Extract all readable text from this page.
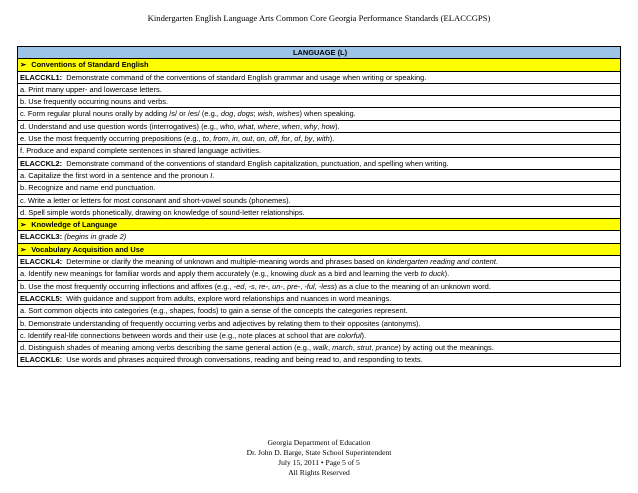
Kindergarten English Language Arts Common Core Georgia Performance Standards (ELACCGPS)
LANGUAGE (L)
➢ Conventions of Standard English
ELACCKL1:  Demonstrate command of the conventions of standard English grammar and usage when writing or speaking.
a. Print many upper- and lowercase letters.
b. Use frequently occurring nouns and verbs.
c. Form regular plural nouns orally by adding /s/ or /es/ (e.g., dog, dogs; wish, wishes) when speaking.
d. Understand and use question words (interrogatives) (e.g., who, what, where, when, why, how).
e. Use the most frequently occurring prepositions (e.g., to, from, in, out, on, off, for, of, by, with).
f. Produce and expand complete sentences in shared language activities.
ELACCKL2:  Demonstrate command of the conventions of standard English capitalization, punctuation, and spelling when writing.
a. Capitalize the first word in a sentence and the pronoun I.
b. Recognize and name end punctuation.
c. Write a letter or letters for most consonant and short-vowel sounds (phonemes).
d. Spell simple words phonetically, drawing on knowledge of sound-letter relationships.
➢ Knowledge of Language
ELACCKL3: (begins in grade 2)
➢ Vocabulary Acquisition and Use
ELACCKL4:  Determine or clarify the meaning of unknown and multiple-meaning words and phrases based on kindergarten reading and content.
a. Identify new meanings for familiar words and apply them accurately (e.g., knowing duck as a bird and learning the verb to duck).
b. Use the most frequently occurring inflections and affixes (e.g., -ed, -s, re-, un-, pre-, -ful, -less) as a clue to the meaning of an unknown word.
ELACCKL5:  With guidance and support from adults, explore word relationships and nuances in word meanings.
a. Sort common objects into categories (e.g., shapes, foods) to gain a sense of the concepts the categories represent.
b. Demonstrate understanding of frequently occurring verbs and adjectives by relating them to their opposites (antonyms).
c. Identify real-life connections between words and their use (e.g., note places at school that are colorful).
d. Distinguish shades of meaning among verbs describing the same general action (e.g., walk, march, strut, prance) by acting out the meanings.
ELACCKL6:  Use words and phrases acquired through conversations, reading and being read to, and responding to texts.
Georgia Department of Education
Dr. John D. Barge, State School Superintendent
July 15, 2011 • Page 5 of 5
All Rights Reserved
